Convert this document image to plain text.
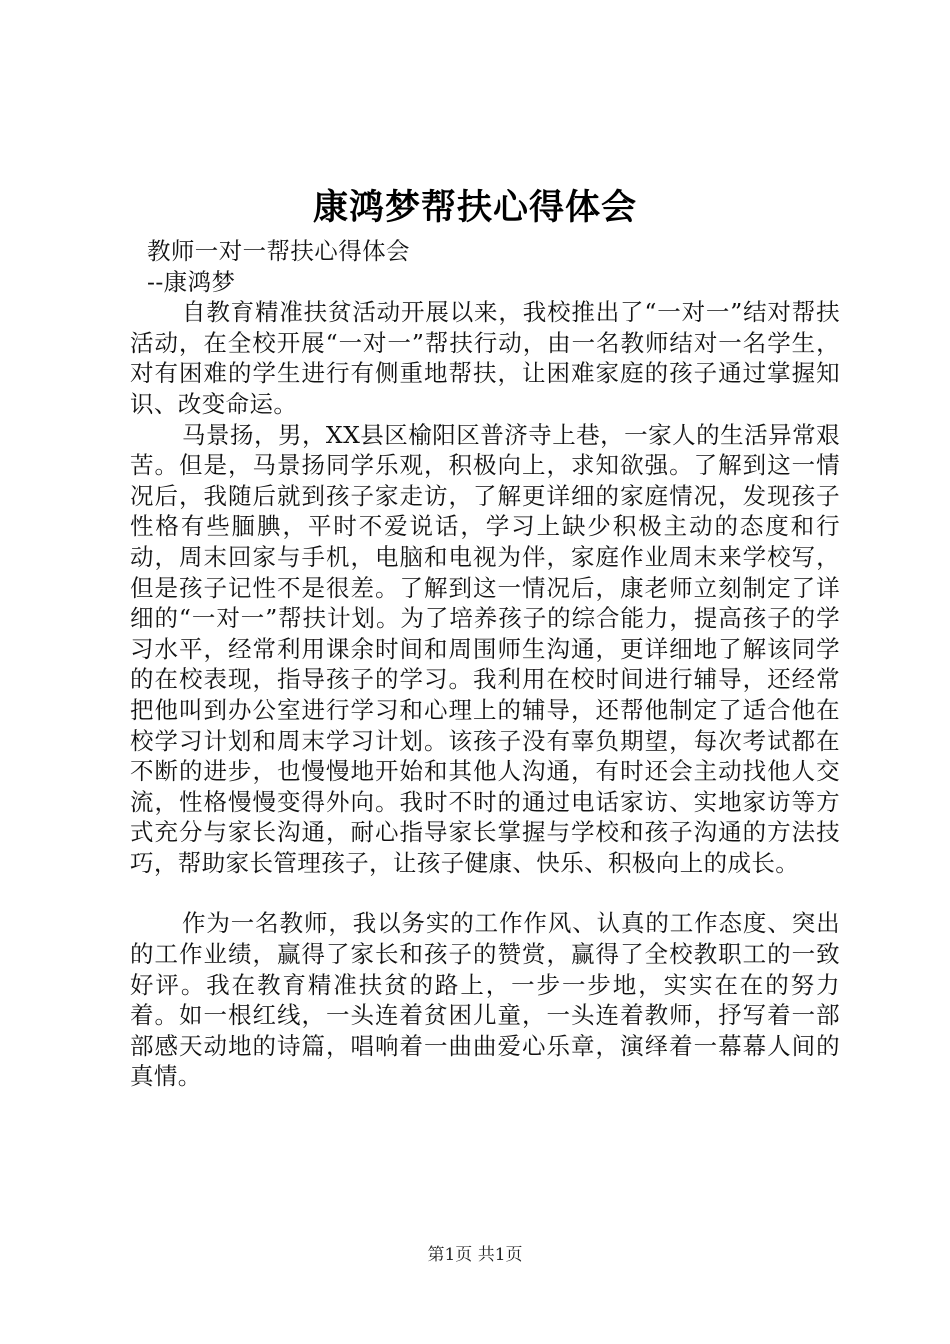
康鸿梦帮扶心得体会

教师一对一帮扶心得体会

--康鸿梦

自教育精准扶贫活动开展以来，我校推出了“一对一”结对帮扶活动，在全校开展“一对一”帮扶行动，由一名教师结对一名学生，对有困难的学生进行有侧重地帮扶，让困难家庭的孩子通过掌握知识、改变命运。

马景扬，男，XX县区榆阳区普济寺上巷，一家人的生活异常艰苦。但是，马景扬同学乐观，积极向上，求知欲强。了解到这一情况后，我随后就到孩子家走访，了解更详细的家庭情况，发现孩子性格有些腼腆，平时不爱说话，学习上缺少积极主动的态度和行动，周末回家与手机，电脑和电视为伴，家庭作业周末来学校写，但是孩子记性不是很差。了解到这一情况后，康老师立刻制定了详细的“一对一”帮扶计划。为了培养孩子的综合能力，提高孩子的学习水平，经常利用课余时间和周围师生沟通，更详细地了解该同学的在校表现，指导孩子的学习。我利用在校时间进行辅导，还经常把他叫到办公室进行学习和心理上的辅导，还帮他制定了适合他在校学习计划和周末学习计划。该孩子没有辜负期望，每次考试都在不断的进步，也慢慢地开始和其他人沟通，有时还会主动找他人交流，性格慢慢变得外向。我时不时的通过电话家访、实地家访等方式充分与家长沟通，耐心指导家长掌握与学校和孩子沟通的方法技巧，帮助家长管理孩子，让孩子健康、快乐、积极向上的成长。

作为一名教师，我以务实的工作作风、认真的工作态度、突出的工作业绩，赢得了家长和孩子的赞赏，赢得了全校教职工的一致好评。我在教育精准扶贫的路上，一步一步地，实实在在的努力着。如一根红线，一头连着贫困儿童，一头连着教师，抒写着一部部感天动地的诗篇，唱响着一曲曲爱心乐章，演绎着一幕幕人间的真情。

第1页 共1页
